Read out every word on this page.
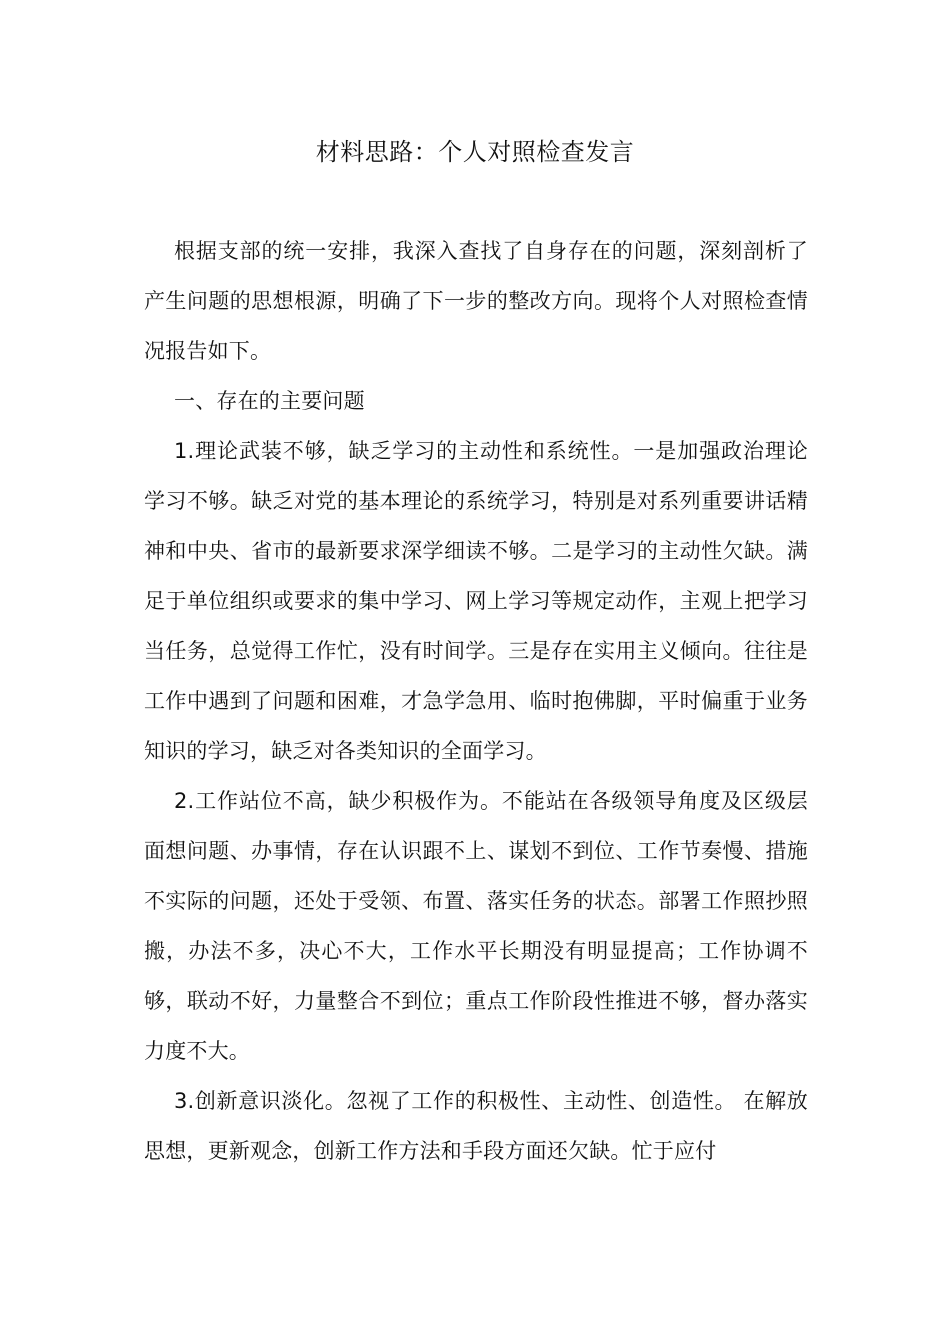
材料思路：个人对照检查发言

根据支部的统一安排，我深入查找了自身存在的问题，深刻剖析了产生问题的思想根源，明确了下一步的整改方向。现将个人对照检查情况报告如下。

一、存在的主要问题

1.理论武装不够，缺乏学习的主动性和系统性。一是加强政治理论学习不够。缺乏对党的基本理论的系统学习，特别是对系列重要讲话精神和中央、省市的最新要求深学细读不够。二是学习的主动性欠缺。满足于单位组织或要求的集中学习、网上学习等规定动作，主观上把学习当任务，总觉得工作忙，没有时间学。三是存在实用主义倾向。往往是工作中遇到了问题和困难，才急学急用、临时抱佛脚，平时偏重于业务知识的学习，缺乏对各类知识的全面学习。

2.工作站位不高，缺少积极作为。不能站在各级领导角度及区级层面想问题、办事情，存在认识跟不上、谋划不到位、工作节奏慢、措施不实际的问题，还处于受领、布置、落实任务的状态。部署工作照抄照搬，办法不多，决心不大，工作水平长期没有明显提高；工作协调不够，联动不好，力量整合不到位；重点工作阶段性推进不够，督办落实力度不大。

3.创新意识淡化。忽视了工作的积极性、主动性、创造性。 在解放思想，更新观念，创新工作方法和手段方面还欠缺。忙于应付
